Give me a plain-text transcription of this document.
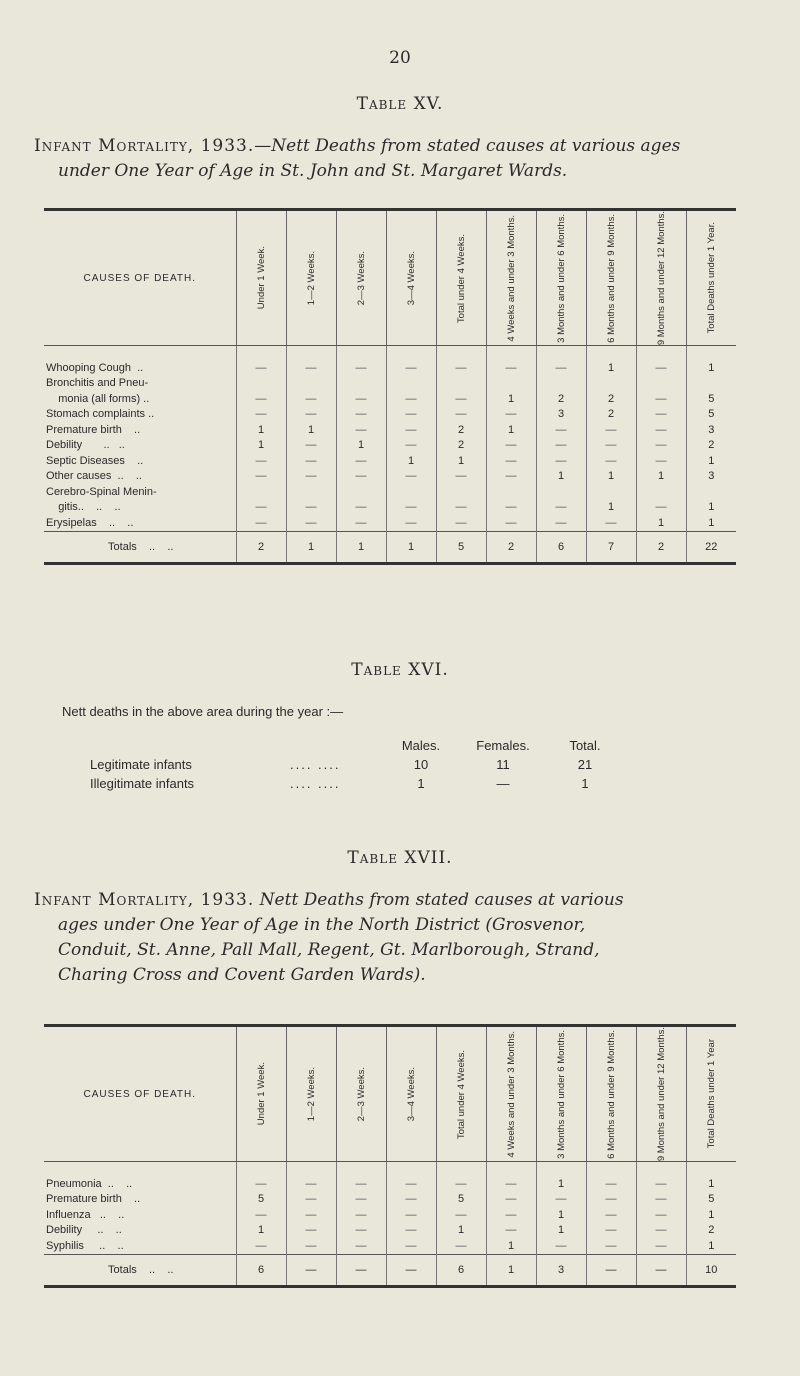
20
Table XV.
Infant Mortality, 1933.—Nett Deaths from stated causes at various ages
under One Year of Age in St. John and St. Margaret Wards.
CAUSES OF DEATH.	Under 1 Week.	1—2 Weeks.	2—3 Weeks.	3—4 Weeks.	Total under 4 Weeks.	4 Weeks and under 3 Months.	3 Months and under 6 Months.	6 Months and under 9 Months.	9 Months and under 12 Months.	Total Deaths under 1 Year.

Whooping Cough  ..	—	—	—	—	—	—	—	1	—	1
Bronchitis and Pneu-										
monia (all forms) ..	—	—	—	—	—	1	2	2	—	5
Stomach complaints ..	—	—	—	—	—	—	3	2	—	5
Premature birth    ..	1	1	—	—	2	1	—	—	—	3
Debility       ..   ..	1	—	1	—	2	—	—	—	—	2
Septic Diseases    ..	—	—	—	1	1	—	—	—	—	1
Other causes  ..    ..	—	—	—	—	—	—	1	1	1	3
Cerebro-Spinal Menin-										
gitis..    ..    ..	—	—	—	—	—	—	—	1	—	1
Erysipelas    ..    ..	—	—	—	—	—	—	—	—	1	1
Totals    ..    ..	2	1	1	1	5	2	6	7	2	22
Table XVI.
Nett deaths in the above area during the year :—
		Males.	Females.	Total.
Legitimate infants	.... ....	10	11	21
Illegitimate infants	.... ....	1	—	1
Table XVII.
Infant Mortality, 1933. Nett Deaths from stated causes at various
ages under One Year of Age in the North District (Grosvenor,
Conduit, St. Anne, Pall Mall, Regent, Gt. Marlborough, Strand,
Charing Cross and Covent Garden Wards).
CAUSES OF DEATH.	Under 1 Week.	1—2 Weeks.	2—3 Weeks.	3—4 Weeks.	Total under 4 Weeks.	4 Weeks and under 3 Months.	3 Months and under 6 Months.	6 Months and under 9 Months.	9 Months and under 12 Months.	Total Deaths under 1 Year

Pneumonia  ..    ..	—	—	—	—	—	—	1	—	—	1
Premature birth    ..	5	—	—	—	5	—	—	—	—	5
Influenza   ..    ..	—	—	—	—	—	—	1	—	—	1
Debility     ..    ..	1	—	—	—	1	—	1	—	—	2
Syphilis     ..    ..	—	—	—	—	—	1	—	—	—	1
Totals    ..    ..	6	—	—	—	6	1	3	—	—	10
